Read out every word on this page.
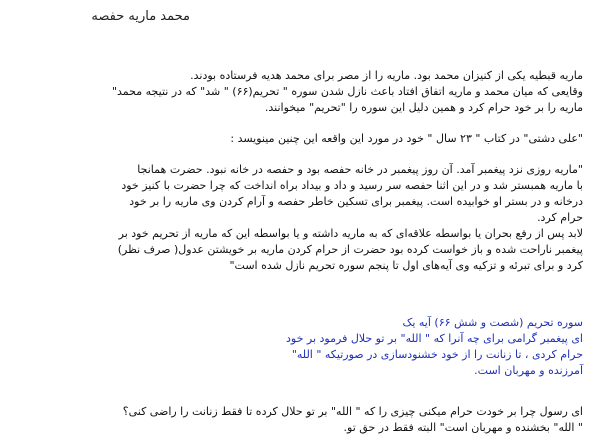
محمد ماریه حفصه
ماریه قبطیه یکی از کنیزان محمد بود. ماریه را از مصر برای محمد هدیه فرستاده بودند.
وقایعی که میان محمد و ماریه اتفاق افتاد باعث نازل شدن سوره " تحریم(۶۶) " شد" که در نتیجه محمد"
ماریه را بر خود حرام کرد و همین دلیل این سوره را "تحریم" میخوانند.
"علی دشتی" در کتاب " ۲۳ سال " خود در مورد این واقعه این چنین مینویسد :
"ماریه روزی نزد پیغمبر آمد. آن روز پیغمبر در خانه حفصه بود و حفصه در خانه نبود. حضرت همانجا
با ماریه همبستر شد و در این اثنا حفصه سر رسید و داد و بیداد براه انداخت که چرا حضرت با کنیز خود
درخانه و در بستر او خوابیده است. پیغمبر برای تسکین خاطر حفصه و آرام کردن وی ماریه را بر خود
حرام کرد.
لابد پس از رفع بحران یا بواسطه علاقه‌ای که به ماریه داشته و یا بواسطه این که ماریه از تحریم خود بر
پیغمبر ناراحت شده و باز خواست کرده بود حضرت از حرام کردن ماریه بر خویشتن عدول( صرف نظر)
کرد و برای تبرئه و تزکیه وی آیه‌های اول تا پنجم سوره تحریم نازل شده است"
سوره تحریم (شصت و شش ۶۶) آیه یک
ای پیغمبر گرامی برای چه آنرا که " الله" بر تو حلال فرمود بر خود
حرام کردی ، تا زنانت را از خود خشنودسازی در صورتیکه " الله"
آمرزنده و مهربان است.
ای رسول چرا بر خودت حرام میکنی چیزی را که " الله" بر تو حلال کرده تا فقط زنانت را راضی کنی؟
" الله" بخشنده و مهربان است" البته فقط در حق تو.
